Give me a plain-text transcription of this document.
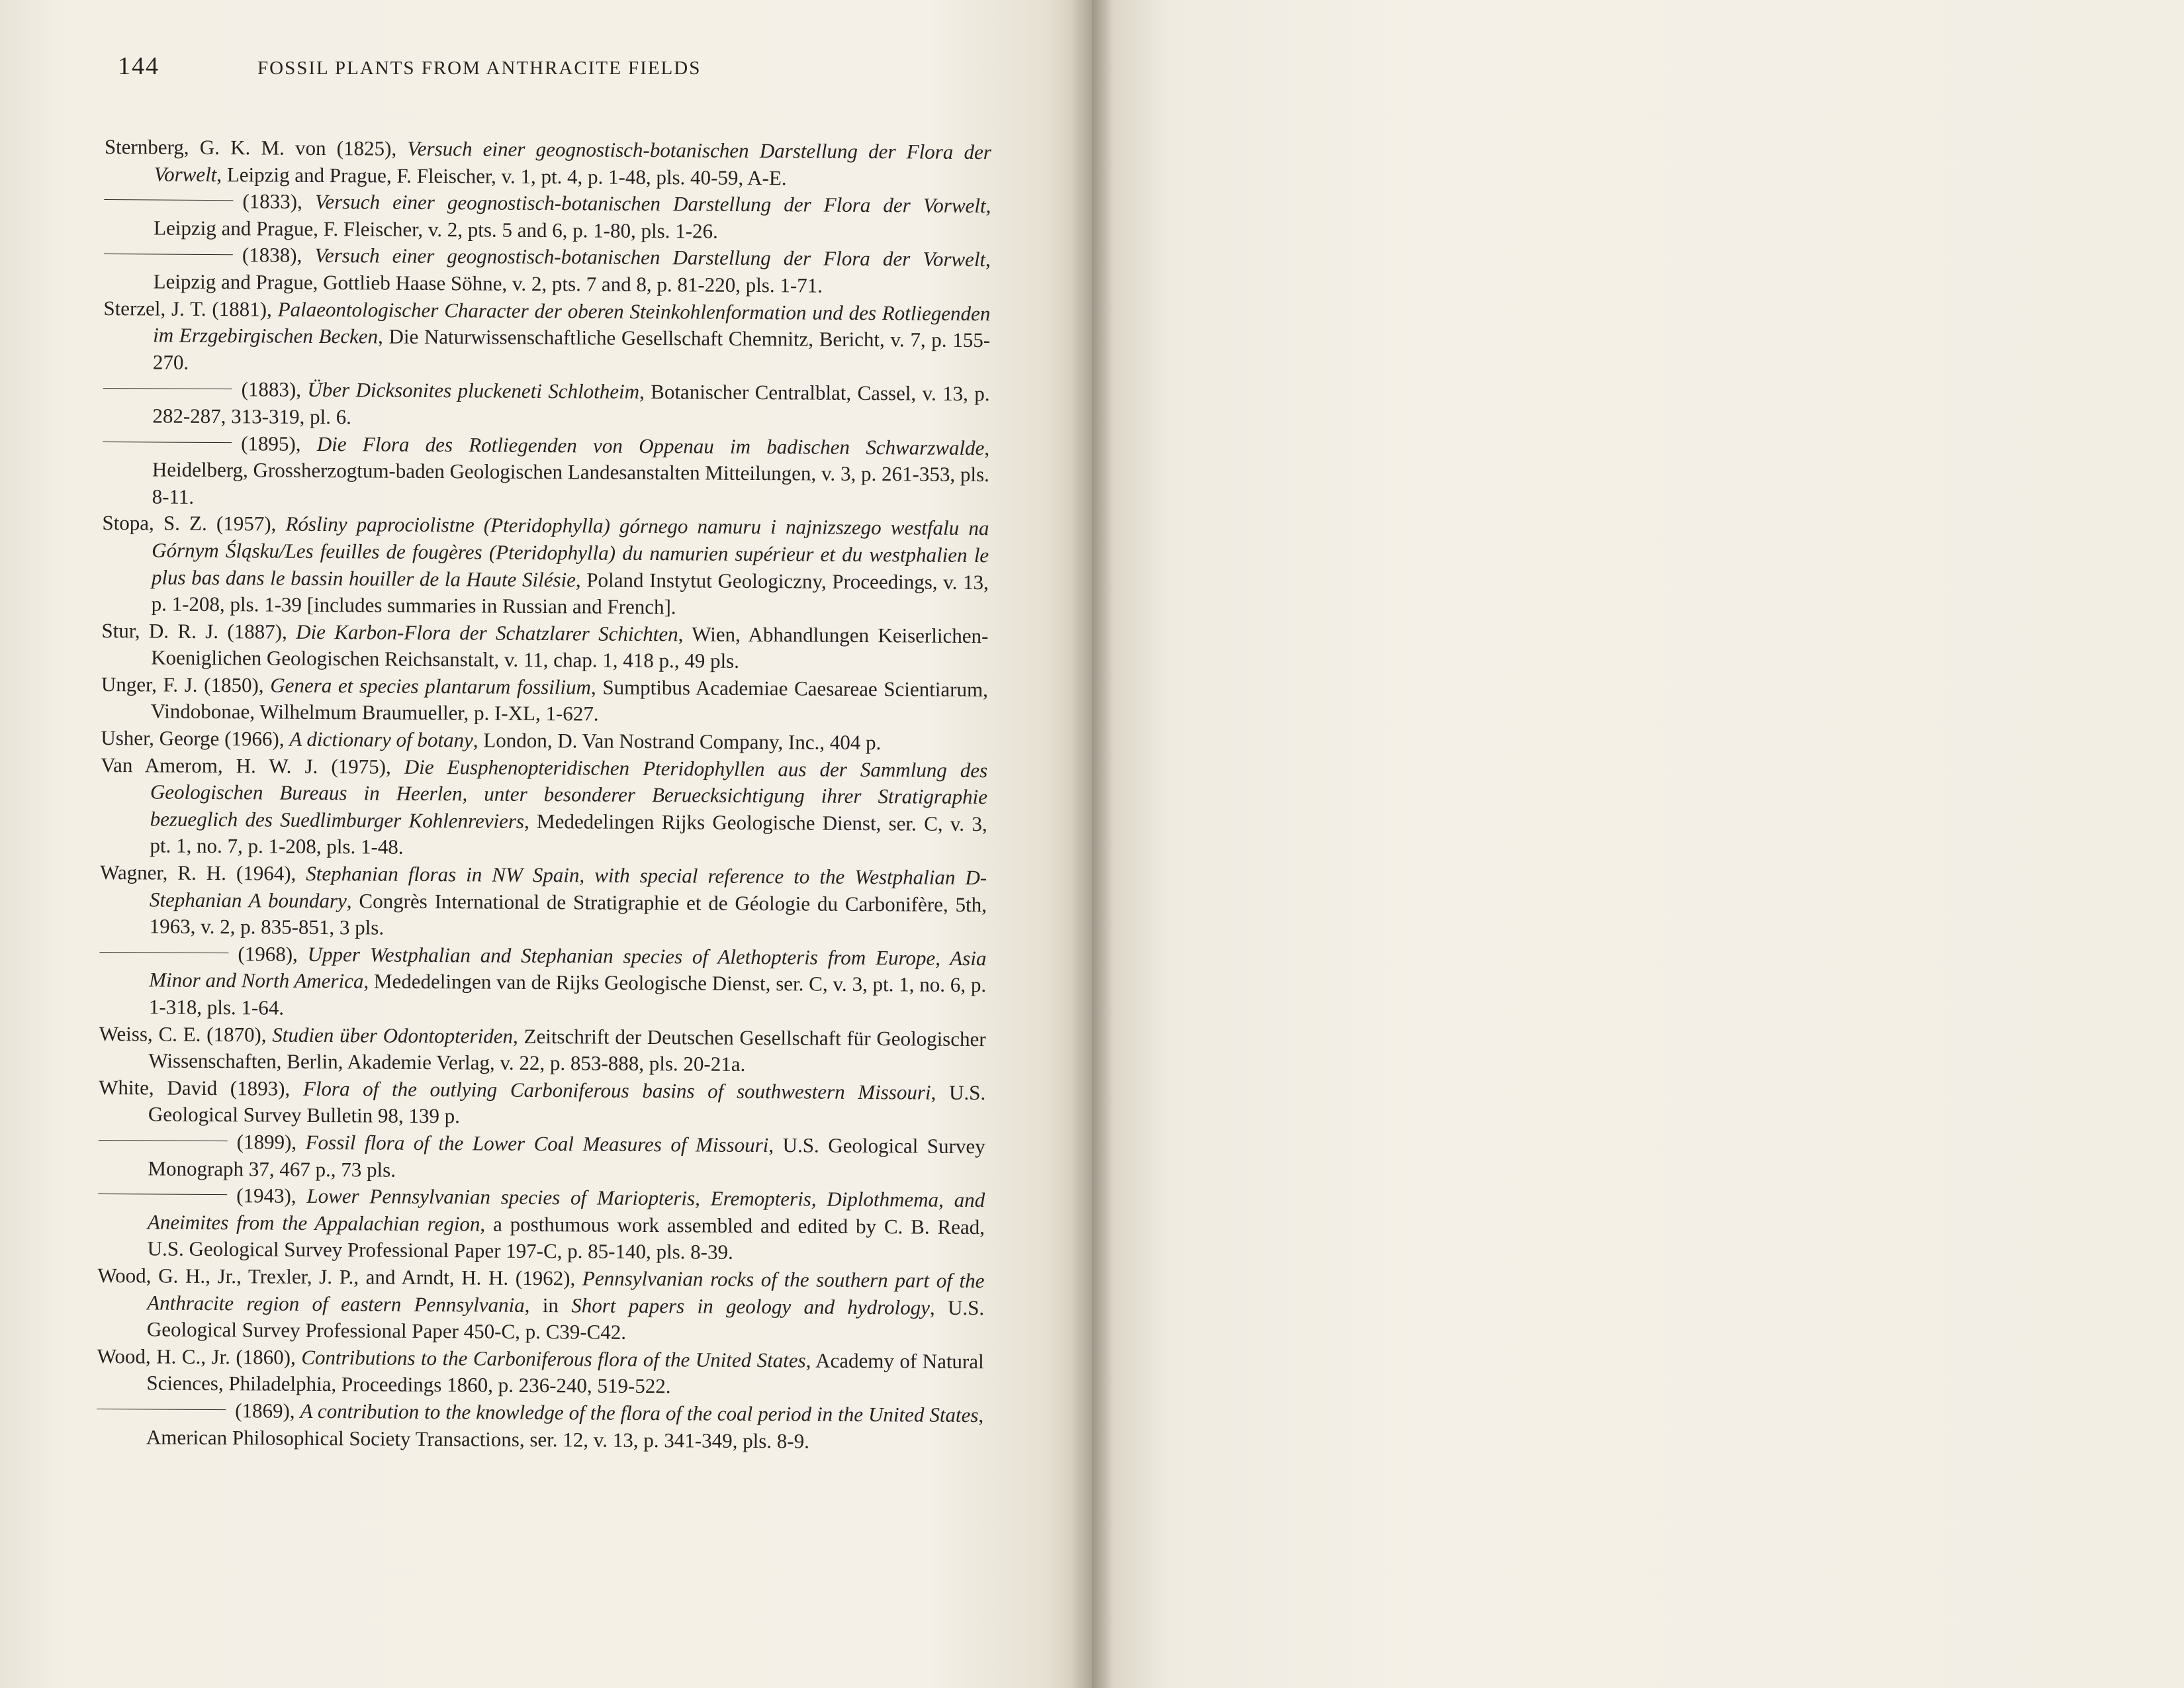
144	FOSSIL PLANTS FROM ANTHRACITE FIELDS
Sternberg, G. K. M. von (1825), Versuch einer geognostisch-botanischen Darstellung der Flora der Vorwelt, Leipzig and Prague, F. Fleischer, v. 1, pt. 4, p. 1-48, pls. 40-59, A-E.
(1833), Versuch einer geognostisch-botanischen Darstellung der Flora der Vorwelt, Leipzig and Prague, F. Fleischer, v. 2, pts. 5 and 6, p. 1-80, pls. 1-26.
(1838), Versuch einer geognostisch-botanischen Darstellung der Flora der Vorwelt, Leipzig and Prague, Gottlieb Haase Söhne, v. 2, pts. 7 and 8, p. 81-220, pls. 1-71.
Sterzel, J. T. (1881), Palaeontologischer Character der oberen Steinkohlenformation und des Rotliegenden im Erzgebirgischen Becken, Die Naturwissenschaftliche Gesellschaft Chemnitz, Bericht, v. 7, p. 155-270.
(1883), Über Dicksonites pluckeneti Schlotheim, Botanischer Centralblat, Cassel, v. 13, p. 282-287, 313-319, pl. 6.
(1895), Die Flora des Rotliegenden von Oppenau im badischen Schwarzwalde, Heidelberg, Grossherzogtum-baden Geologischen Landesanstalten Mitteilungen, v. 3, p. 261-353, pls. 8-11.
Stopa, S. Z. (1957), Rósliny paprociolistne (Pteridophylla) górnego namuru i najnizszego westfalu na Górnym Śląsku/Les feuilles de fougères (Pteridophylla) du namurien supérieur et du westphalien le plus bas dans le bassin houiller de la Haute Silésie, Poland Instytut Geologiczny, Proceedings, v. 13, p. 1-208, pls. 1-39 [includes summaries in Russian and French].
Stur, D. R. J. (1887), Die Karbon-Flora der Schatzlarer Schichten, Wien, Abhandlungen Keiserlichen-Koeniglichen Geologischen Reichsanstalt, v. 11, chap. 1, 418 p., 49 pls.
Unger, F. J. (1850), Genera et species plantarum fossilium, Sumptibus Academiae Caesareae Scientiarum, Vindobonae, Wilhelmum Braumueller, p. I-XL, 1-627.
Usher, George (1966), A dictionary of botany, London, D. Van Nostrand Company, Inc., 404 p.
Van Amerom, H. W. J. (1975), Die Eusphenopteridischen Pteridophyllen aus der Sammlung des Geologischen Bureaus in Heerlen, unter besonderer Beruecksichtigung ihrer Stratigraphie bezueglich des Suedlimburger Kohlenreviers, Mededelingen Rijks Geologische Dienst, ser. C, v. 3, pt. 1, no. 7, p. 1-208, pls. 1-48.
Wagner, R. H. (1964), Stephanian floras in NW Spain, with special reference to the Westphalian D-Stephanian A boundary, Congrès International de Stratigraphie et de Géologie du Carbonifère, 5th, 1963, v. 2, p. 835-851, 3 pls.
(1968), Upper Westphalian and Stephanian species of Alethopteris from Europe, Asia Minor and North America, Mededelingen van de Rijks Geologische Dienst, ser. C, v. 3, pt. 1, no. 6, p. 1-318, pls. 1-64.
Weiss, C. E. (1870), Studien über Odontopteriden, Zeitschrift der Deutschen Gesellschaft für Geologischer Wissenschaften, Berlin, Akademie Verlag, v. 22, p. 853-888, pls. 20-21a.
White, David (1893), Flora of the outlying Carboniferous basins of southwestern Missouri, U.S. Geological Survey Bulletin 98, 139 p.
(1899), Fossil flora of the Lower Coal Measures of Missouri, U.S. Geological Survey Monograph 37, 467 p., 73 pls.
(1943), Lower Pennsylvanian species of Mariopteris, Eremopteris, Diplothmema, and Aneimites from the Appalachian region, a posthumous work assembled and edited by C. B. Read, U.S. Geological Survey Professional Paper 197-C, p. 85-140, pls. 8-39.
Wood, G. H., Jr., Trexler, J. P., and Arndt, H. H. (1962), Pennsylvanian rocks of the southern part of the Anthracite region of eastern Pennsylvania, in Short papers in geology and hydrology, U.S. Geological Survey Professional Paper 450-C, p. C39-C42.
Wood, H. C., Jr. (1860), Contributions to the Carboniferous flora of the United States, Academy of Natural Sciences, Philadelphia, Proceedings 1860, p. 236-240, 519-522.
(1869), A contribution to the knowledge of the flora of the coal period in the United States, American Philosophical Society Transactions, ser. 12, v. 13, p. 341-349, pls. 8-9.
